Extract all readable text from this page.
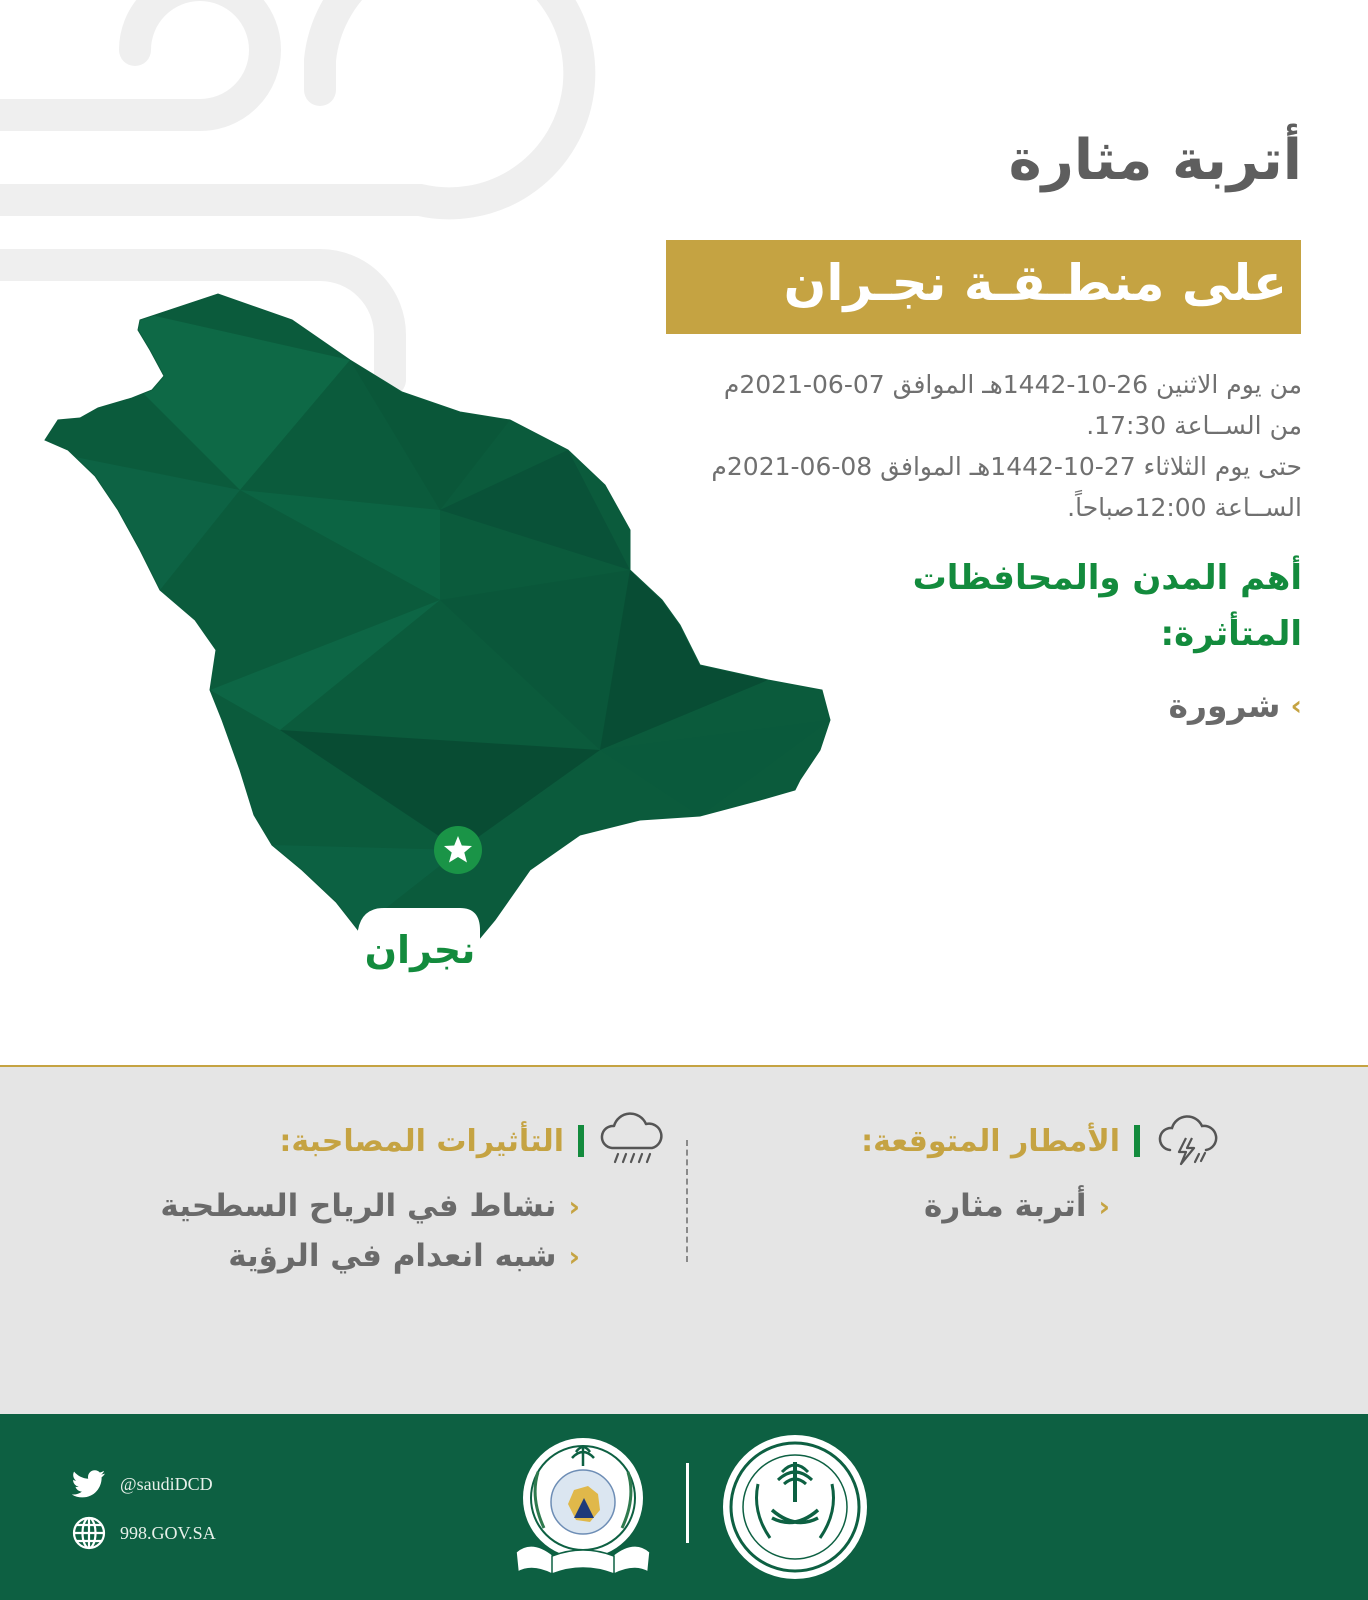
نجران
أتربة مثارة
على منطـقـة نجـران
من يوم الاثنين 26-10-1442هـ الموافق 07-06-2021م
من الســاعة 17:30.
حتى يوم الثلاثاء 27-10-1442هـ الموافق 08-06-2021م
الســاعة 12:00صباحاً.
أهم المدن والمحافظات المتأثرة:
شرورة ‹
الأمطار المتوقعة:
‹
أتربة مثارة
التأثيرات المصاحبة:
‹
نشاط في الرياح السطحية
‹
شبه انعدام في الرؤية
@saudiDCD
998.GOV.SA
